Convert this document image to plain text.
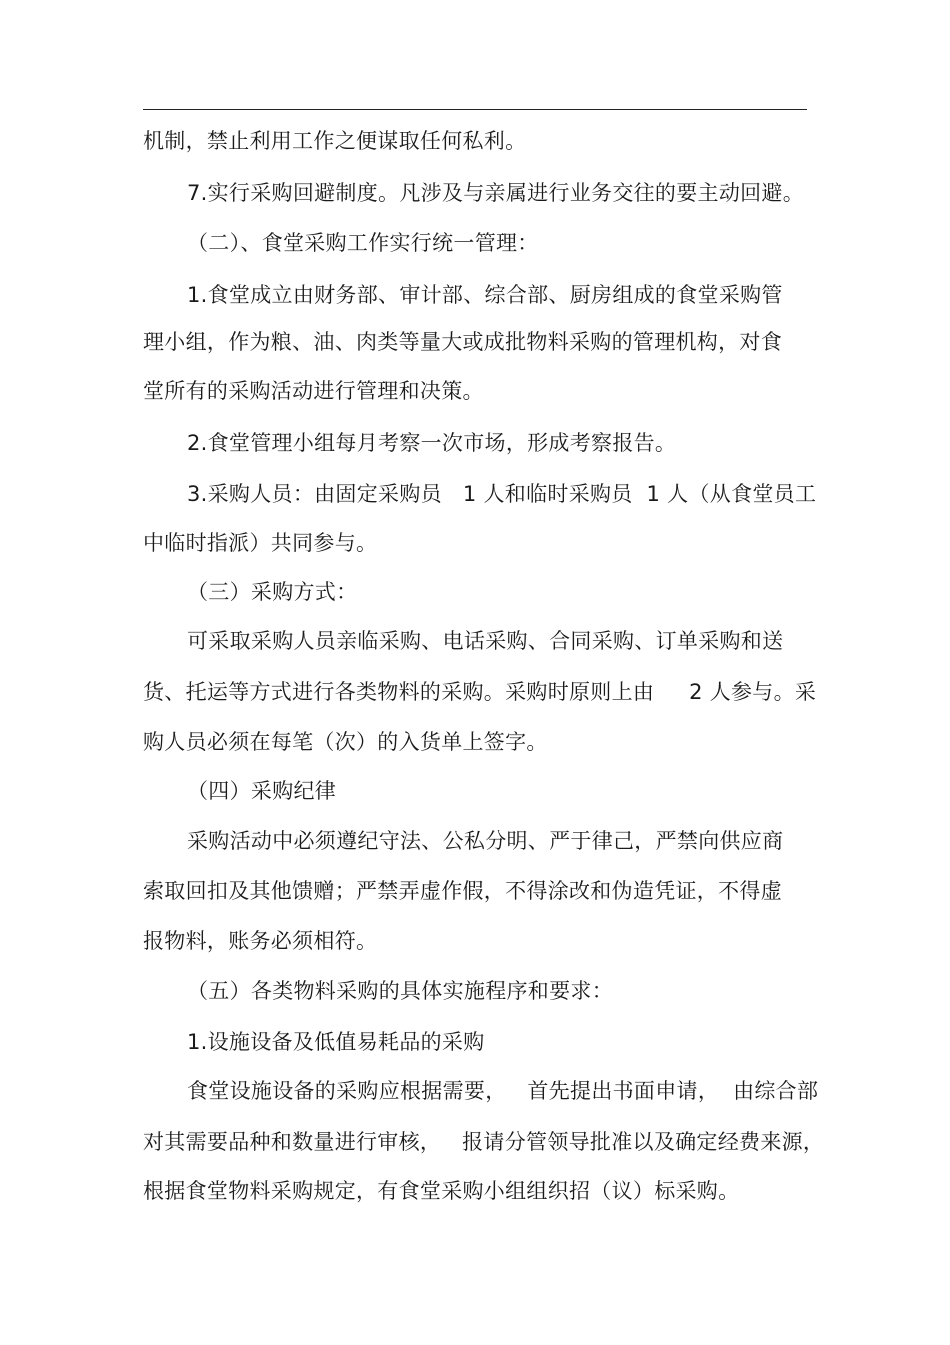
机制，禁止利用工作之便谋取任何私利。
7.实行采购回避制度。凡涉及与亲属进行业务交往的要主动回避。
（二）、食堂采购工作实行统一管理：
1.食堂成立由财务部、审计部、综合部、厨房组成的食堂采购管
理小组，作为粮、油、肉类等量大或成批物料采购的管理机构，对食
堂所有的采购活动进行管理和决策。
2.食堂管理小组每月考察一次市场，形成考察报告。
3.采购人员：由固定采购员   1 人和临时采购员  1 人（从食堂员工
中临时指派）共同参与。
（三）采购方式：
可采取采购人员亲临采购、电话采购、合同采购、订单采购和送
货、托运等方式进行各类物料的采购。采购时原则上由     2 人参与。采
购人员必须在每笔（次）的入货单上签字。
（四）采购纪律
采购活动中必须遵纪守法、公私分明、严于律己，严禁向供应商
索取回扣及其他馈赠；严禁弄虚作假，不得涂改和伪造凭证，不得虚
报物料，账务必须相符。
（五）各类物料采购的具体实施程序和要求：
1.设施设备及低值易耗品的采购
食堂设施设备的采购应根据需要，   首先提出书面申请，  由综合部
对其需要品种和数量进行审核，   报请分管领导批准以及确定经费来源，
根据食堂物料采购规定，有食堂采购小组组织招（议）标采购。
